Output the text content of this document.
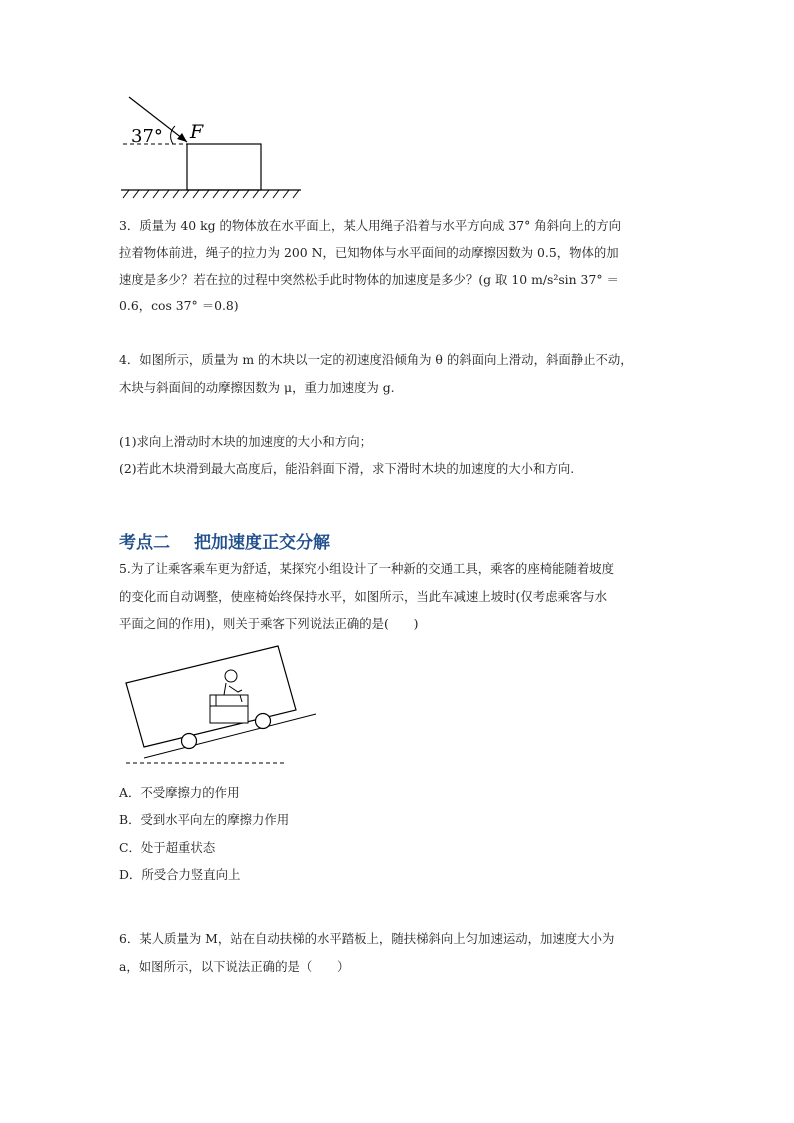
37° F
3．质量为 40 kg 的物体放在水平面上，某人用绳子沿着与水平方向成 37° 角斜向上的方向
拉着物体前进，绳子的拉力为 200 N，已知物体与水平面间的动摩擦因数为 0.5，物体的加
速度是多少？若在拉的过程中突然松手此时物体的加速度是多少？(g 取 10 m/s²sin 37° ＝
0.6，cos 37° ＝0.8)
4．如图所示，质量为 m 的木块以一定的初速度沿倾角为 θ 的斜面向上滑动，斜面静止不动，
木块与斜面间的动摩擦因数为 μ，重力加速度为 g.
(1)求向上滑动时木块的加速度的大小和方向；
(2)若此木块滑到最大高度后，能沿斜面下滑，求下滑时木块的加速度的大小和方向.
考点二 把加速度正交分解
5.为了让乘客乘车更为舒适，某探究小组设计了一种新的交通工具，乘客的座椅能随着坡度
的变化而自动调整，使座椅始终保持水平，如图所示，当此车减速上坡时(仅考虑乘客与水
平面之间的作用)，则关于乘客下列说法正确的是(　　)
A．不受摩擦力的作用
B．受到水平向左的摩擦力作用
C．处于超重状态
D．所受合力竖直向上
6．某人质量为 M，站在自动扶梯的水平踏板上，随扶梯斜向上匀加速运动，加速度大小为
a，如图所示，以下说法正确的是（　　）
